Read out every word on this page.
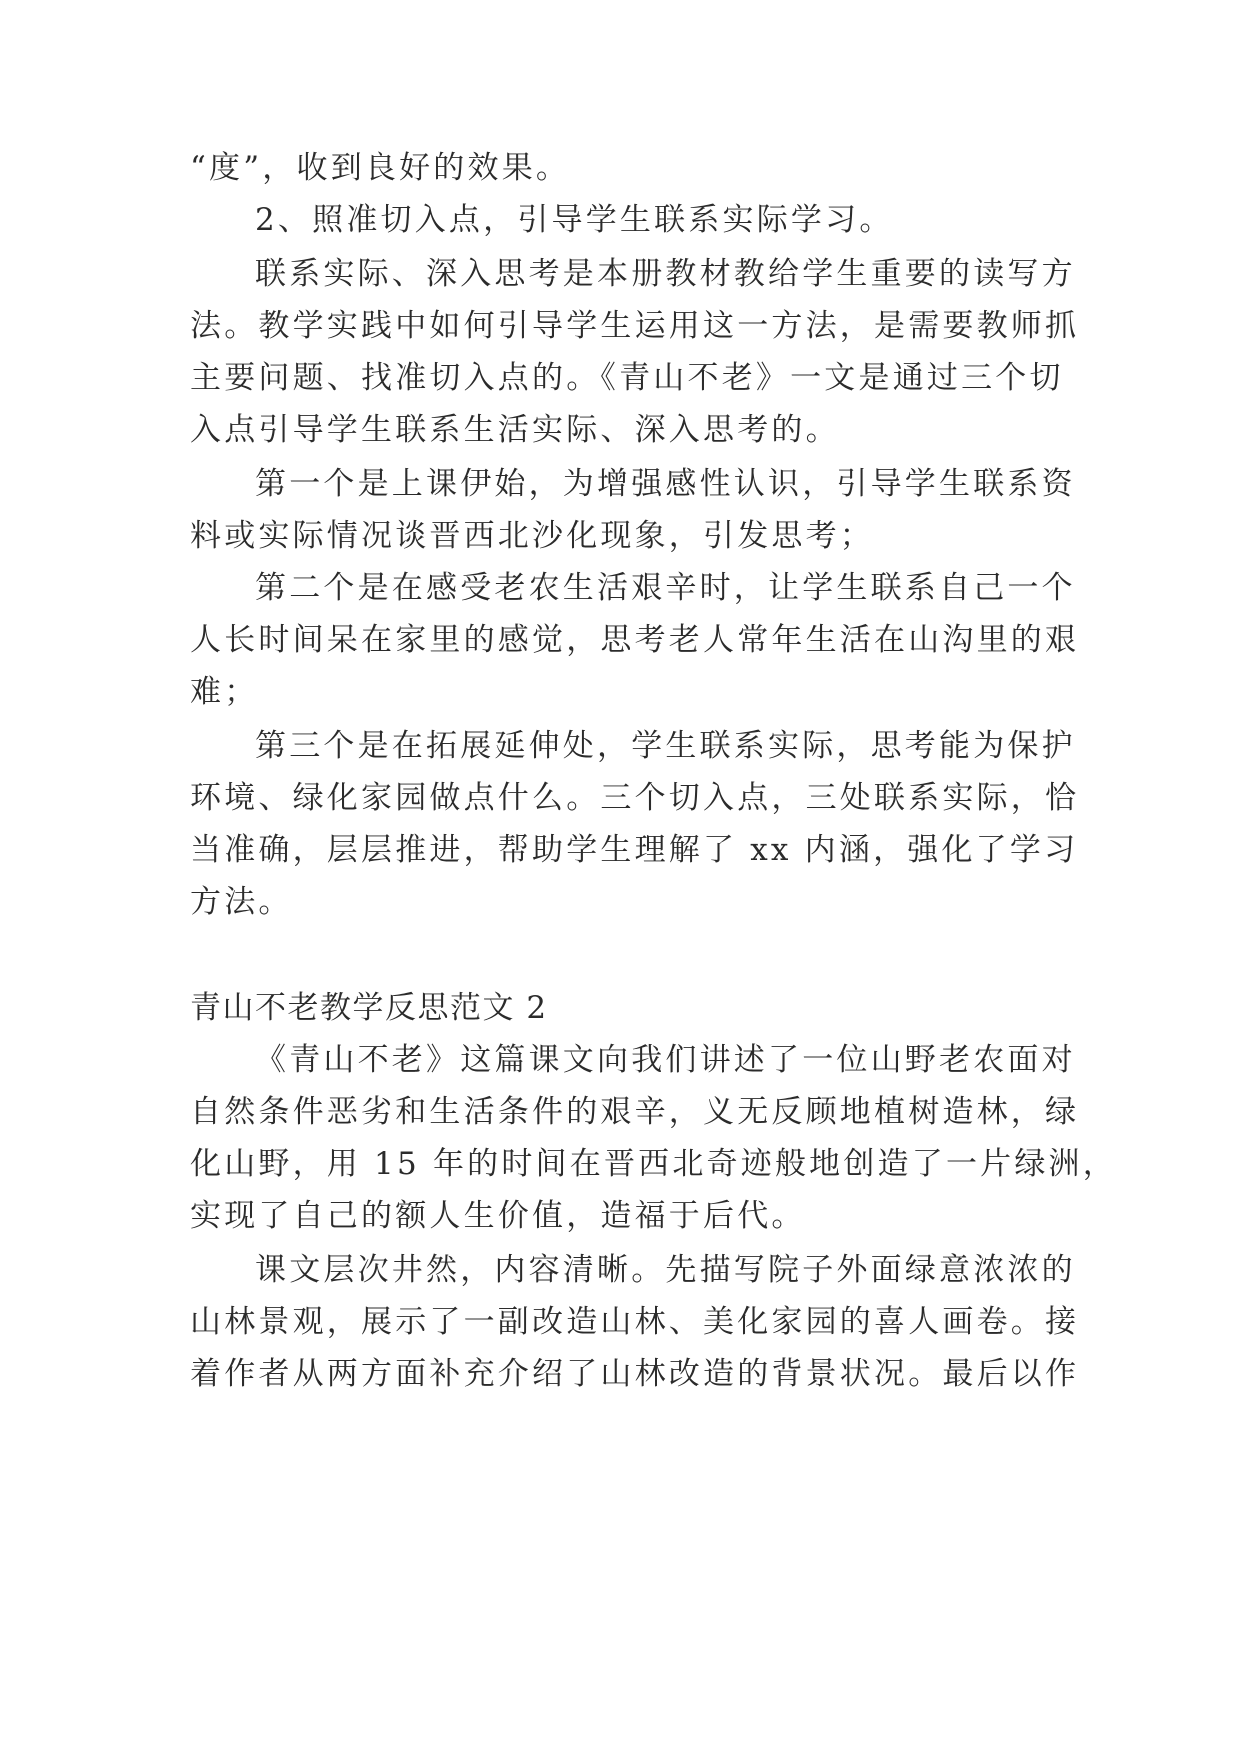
“度”，收到良好的效果。
2、照准切入点，引导学生联系实际学习。
联系实际、深入思考是本册教材教给学生重要的读写方
法。教学实践中如何引导学生运用这一方法，是需要教师抓
主要问题、找准切入点的。《青山不老》一文是通过三个切
入点引导学生联系生活实际、深入思考的。
第一个是上课伊始，为增强感性认识，引导学生联系资
料或实际情况谈晋西北沙化现象，引发思考；
第二个是在感受老农生活艰辛时，让学生联系自己一个
人长时间呆在家里的感觉，思考老人常年生活在山沟里的艰
难；
第三个是在拓展延伸处，学生联系实际，思考能为保护
环境、绿化家园做点什么。三个切入点，三处联系实际，恰
当准确，层层推进，帮助学生理解了 xx 内涵，强化了学习
方法。
青山不老教学反思范文 2
《青山不老》这篇课文向我们讲述了一位山野老农面对
自然条件恶劣和生活条件的艰辛，义无反顾地植树造林，绿
化山野，用 15 年的时间在晋西北奇迹般地创造了一片绿洲，
实现了自己的额人生价值，造福于后代。
课文层次井然，内容清晰。先描写院子外面绿意浓浓的
山林景观，展示了一副改造山林、美化家园的喜人画卷。接
着作者从两方面补充介绍了山林改造的背景状况。最后以作
